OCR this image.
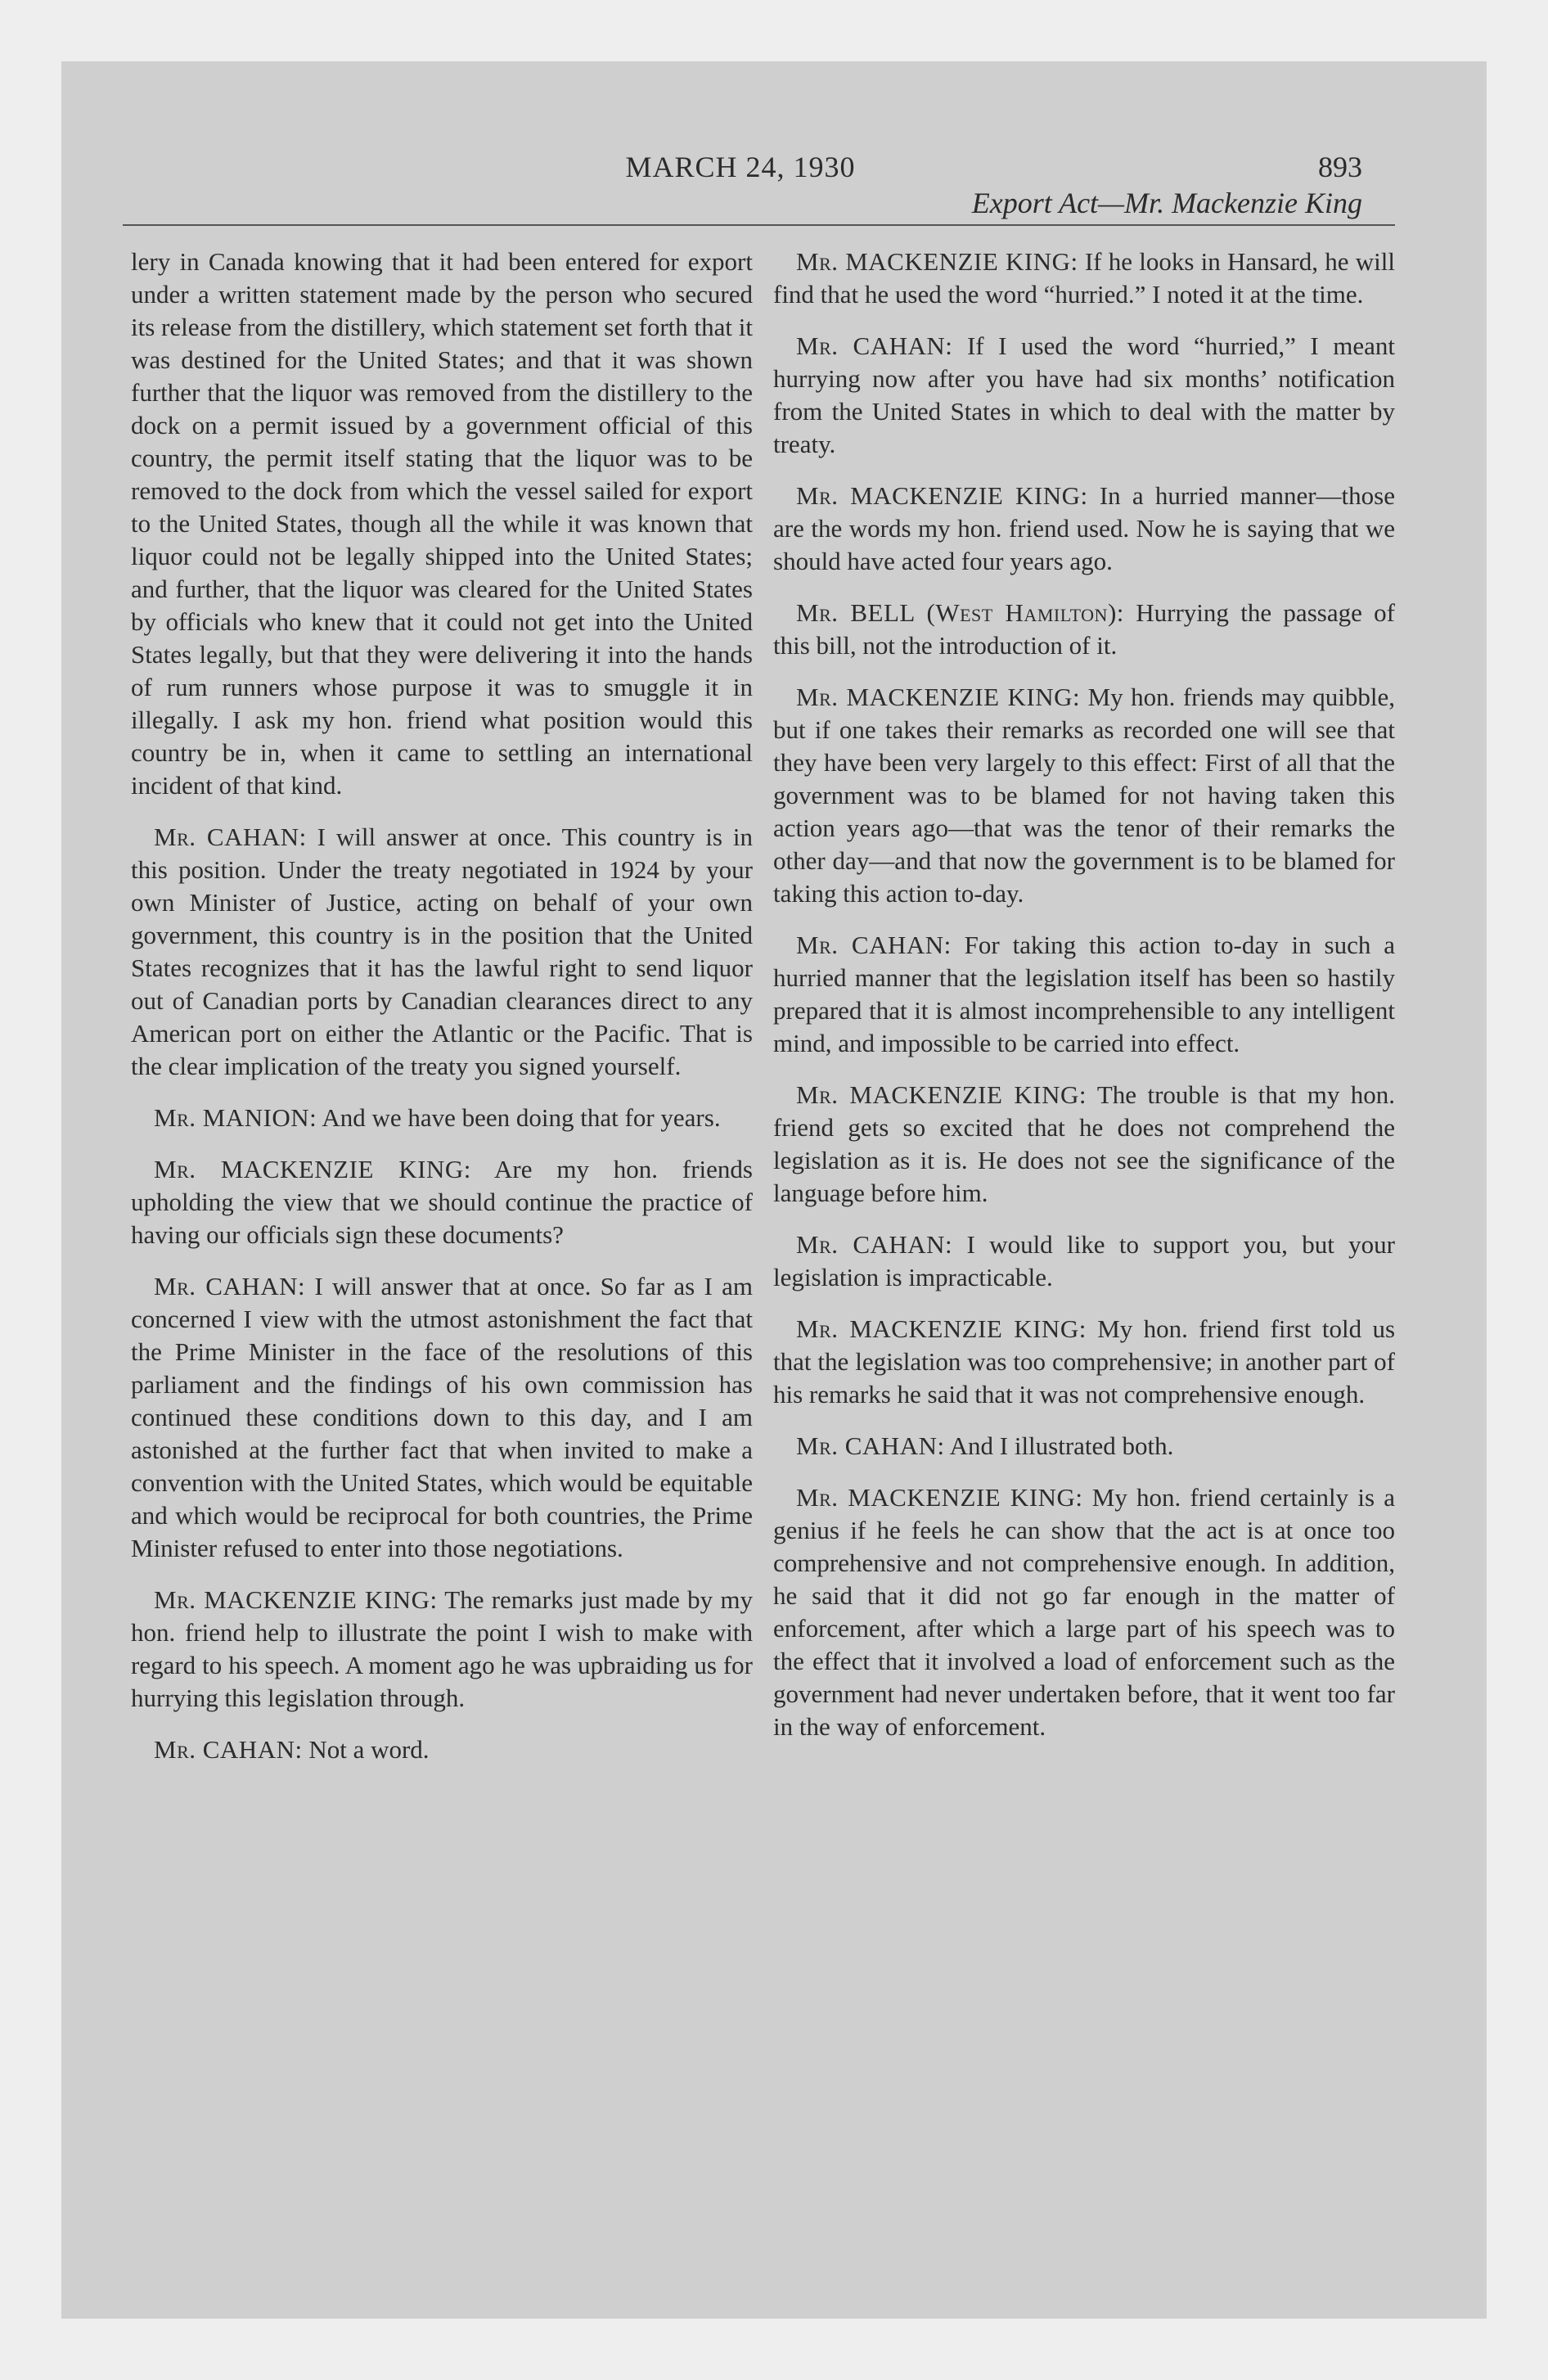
MARCH 24, 1930	893
Export Act—Mr. Mackenzie King

lery in Canada knowing that it had been entered for export under a written statement made by the person who secured its release from the distillery, which statement set forth that it was destined for the United States; and that it was shown further that the liquor was removed from the distillery to the dock on a permit issued by a government official of this country, the permit itself stating that the liquor was to be removed to the dock from which the vessel sailed for export to the United States, though all the while it was known that liquor could not be legally shipped into the United States; and further, that the liquor was cleared for the United States by officials who knew that it could not get into the United States legally, but that they were delivering it into the hands of rum runners whose purpose it was to smuggle it in illegally. I ask my hon. friend what position would this country be in, when it came to settling an international incident of that kind.

Mr. CAHAN: I will answer at once. This country is in this position. Under the treaty negotiated in 1924 by your own Minister of Justice, acting on behalf of your own government, this country is in the position that the United States recognizes that it has the lawful right to send liquor out of Canadian ports by Canadian clearances direct to any American port on either the Atlantic or the Pacific. That is the clear implication of the treaty you signed yourself.

Mr. MANION: And we have been doing that for years.

Mr. MACKENZIE KING: Are my hon. friends upholding the view that we should continue the practice of having our officials sign these documents?

Mr. CAHAN: I will answer that at once. So far as I am concerned I view with the utmost astonishment the fact that the Prime Minister in the face of the resolutions of this parliament and the findings of his own commission has continued these conditions down to this day, and I am astonished at the further fact that when invited to make a convention with the United States, which would be equitable and which would be reciprocal for both countries, the Prime Minister refused to enter into those negotiations.

Mr. MACKENZIE KING: The remarks just made by my hon. friend help to illustrate the point I wish to make with regard to his speech. A moment ago he was upbraiding us for hurrying this legislation through.

Mr. CAHAN: Not a word.

Mr. MACKENZIE KING: If he looks in Hansard, he will find that he used the word “hurried.” I noted it at the time.

Mr. CAHAN: If I used the word “hurried,” I meant hurrying now after you have had six months’ notification from the United States in which to deal with the matter by treaty.

Mr. MACKENZIE KING: In a hurried manner—those are the words my hon. friend used. Now he is saying that we should have acted four years ago.

Mr. BELL (West Hamilton): Hurrying the passage of this bill, not the introduction of it.

Mr. MACKENZIE KING: My hon. friends may quibble, but if one takes their remarks as recorded one will see that they have been very largely to this effect: First of all that the government was to be blamed for not having taken this action years ago—that was the tenor of their remarks the other day—and that now the government is to be blamed for taking this action to-day.

Mr. CAHAN: For taking this action to-day in such a hurried manner that the legislation itself has been so hastily prepared that it is almost incomprehensible to any intelligent mind, and impossible to be carried into effect.

Mr. MACKENZIE KING: The trouble is that my hon. friend gets so excited that he does not comprehend the legislation as it is. He does not see the significance of the language before him.

Mr. CAHAN: I would like to support you, but your legislation is impracticable.

Mr. MACKENZIE KING: My hon. friend first told us that the legislation was too comprehensive; in another part of his remarks he said that it was not comprehensive enough.

Mr. CAHAN: And I illustrated both.

Mr. MACKENZIE KING: My hon. friend certainly is a genius if he feels he can show that the act is at once too comprehensive and not comprehensive enough. In addition, he said that it did not go far enough in the matter of enforcement, after which a large part of his speech was to the effect that it involved a load of enforcement such as the government had never undertaken before, that it went too far in the way of enforcement.
